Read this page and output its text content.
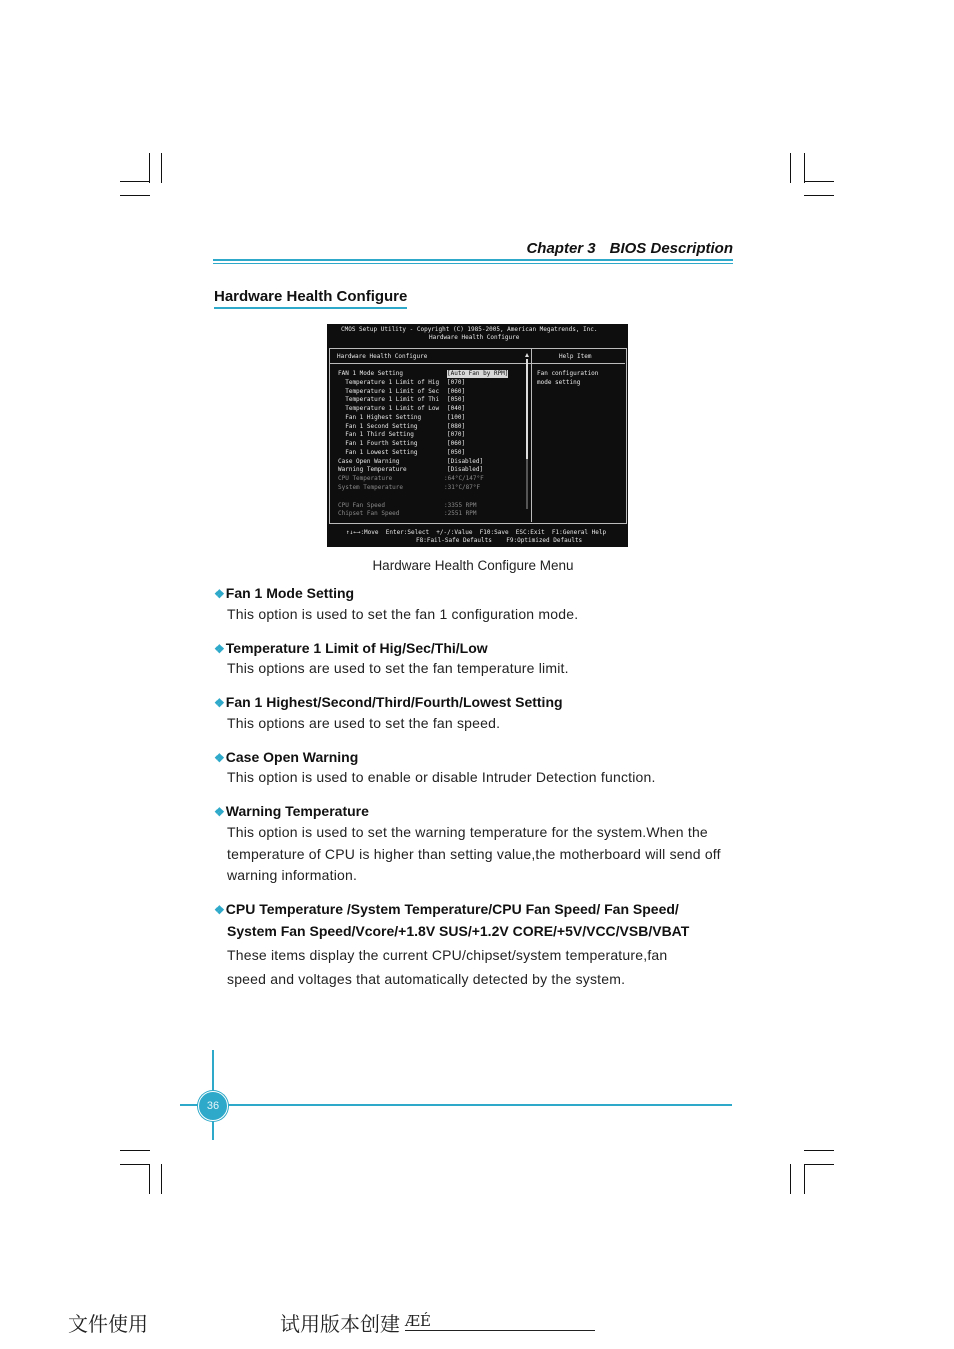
Chapter 3 BIOS Description
Hardware Health Configure
CMOS Setup Utility - Copyright (C) 1985-2005, American Megatrends, Inc.
Hardware Health Configure
Hardware Health Configure	Help Item
Fan configuration
mode setting
FAN 1 Mode Setting	[Auto Fan by RPM]
Temperature 1 Limit of Hig [070]
Temperature 1 Limit of Sec [060]
Temperature 1 Limit of Thi [050]
Temperature 1 Limit of Low [040]
Fan 1 Highest Setting	[100]
Fan 1 Second Setting	[080]
Fan 1 Third Setting	[070]
Fan 1 Fourth Setting	[060]
Fan 1 Lowest Setting	[050]
Case Open Warning	[Disabled]
Warning Temperature	[Disabled]
CPU Temperature	:64°C/147°F
System Temperature	:31°C/87°F
CPU Fan Speed	:3355 RPM
Chipset Fan Speed	:2551 RPM
↑↓←→:Move  Enter:Select  +/-/:Value  F10:Save  ESC:Exit  F1:General Help
F8:Fail-Safe Defaults    F9:Optimized Defaults
Hardware Health Configure Menu
❖Fan 1 Mode Setting
This option is used to set the fan 1 configuration mode.
❖Temperature 1 Limit of Hig/Sec/Thi/Low
This options are used to set the fan temperature limit.
❖Fan 1 Highest/Second/Third/Fourth/Lowest Setting
This options are used to set the fan speed.
❖Case Open Warning
This option is used to enable or disable Intruder Detection function.
❖Warning Temperature
This option is used to set the warning temperature for the system.When the temperature of CPU is higher than setting value,the motherboard will send off warning information.
❖CPU Temperature /System Temperature/CPU Fan Speed/ Fan Speed/
System Fan Speed/Vcore/+1.8V SUS/+1.2V CORE/+5V/VCC/VSB/VBAT
These items display the current CPU/chipset/system temperature,fan speed and voltages that automatically detected by the system.
36
文件使用	试用版本创建 ÆÉ
